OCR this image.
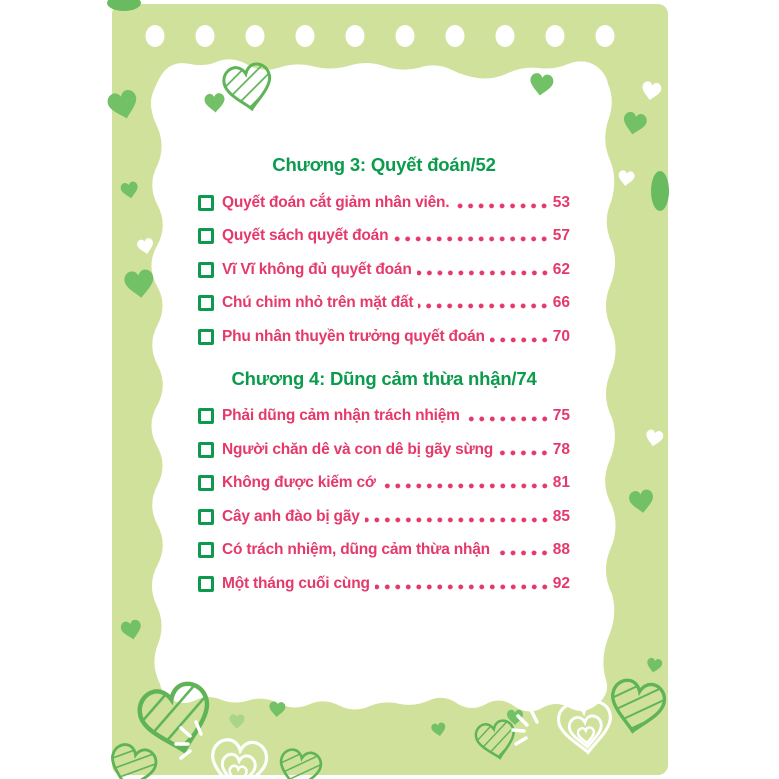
Chương 3: Quyết đoán/52
Quyết đoán cắt giảm nhân viên.	53
Quyết sách quyết đoán	57
Vĩ Vĩ không đủ quyết đoán	62
Chú chim nhỏ trên mặt đất	66
Phu nhân thuyền trưởng quyết đoán	70
Chương 4: Dũng cảm thừa nhận/74
Phải dũng cảm nhận trách nhiệm	75
Người chăn dê và con dê bị gãy sừng	78
Không được kiếm cớ	81
Cây anh đào bị gãy	85
Có trách nhiệm, dũng cảm thừa nhận	88
Một tháng cuối cùng	92
